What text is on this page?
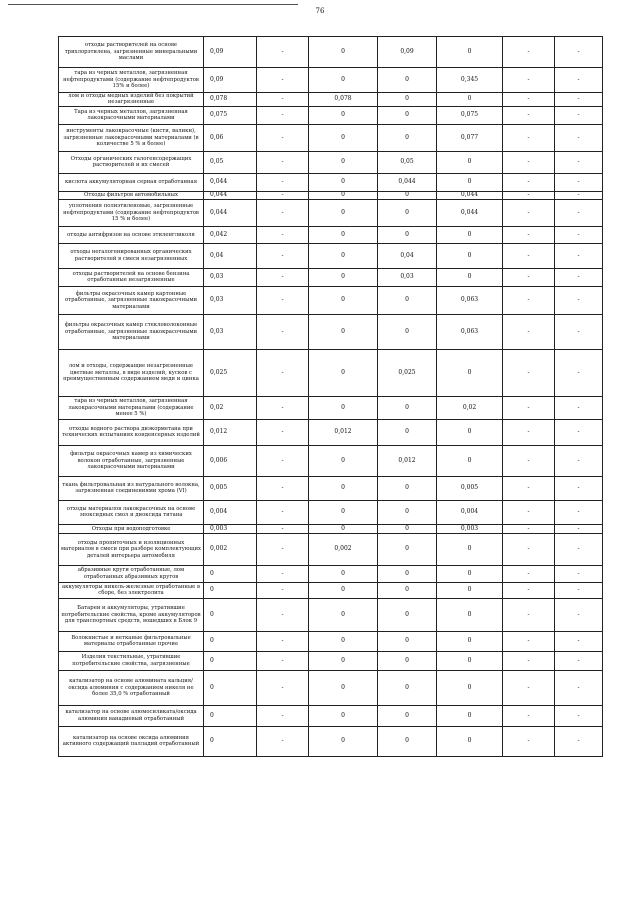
76
отходы растворителей на основе трихлорэтилена, загрязненные минеральными маслами	0,09	-	0	0,09	0	-	-
тара из черных металлов, загрязненная нефтепродуктами (содержание нефтепродуктов 15% и более)	0,09	-	0	0	0,345	-	-
лом и отходы медных изделий без покрытий незагрязненные	0,078	-	0,078	0	0	-	-
Тара из черных металлов, загрязненная лакокрасочными материалами	0,075	-	0	0	0,075	-	-
инструменты лакокрасочные (кисти, валики), загрязненные лакокрасочными материалами (в количестве 5 % и более)	0,06	-	0	0	0,077	-	-
Отходы органических галогенсодержащих растворителей и их смесей	0,05	-	0	0,05	0	-	-
кислота аккумуляторная серная отработанная	0,044	-	0	0,044	0	-	-
Отходы фильтров автомобильных	0,044	-	0	0	0,044	-	-
уплотнения полиэтиленовые, загрязненные нефтепродуктами (содержание нефтепродуктов 15 % и более)	0,044	-	0	0	0,044	-	-
отходы антифризов на основе этиленгликоля	0,042	-	0	0	0	-	-
отходы негалогенированных органических растворителей в смеси незагрязненных	0,04	-	0	0,04	0	-	-
отходы растворителей на основе бензина отработанные незагрязненные	0,03	-	0	0,03	0	-	-
фильтры окрасочных камер картонные отработанные, загрязненные лакокрасочными материалами	0,03	-	0	0	0,063	-	-
фильтры окрасочных камер стекловолоконные отработанные, загрязненные лакокрасочными материалами	0,03	-	0	0	0,063	-	-
лом и отходы, содержащие незагрязненные цветные металлы, в виде изделий, кусков с преимущественным содержанием меди и цинка	0,025	-	0	0,025	0	-	-
тара из черных металлов, загрязненная лакокрасочными материалами (содержание менее 5 %)	0,02	-	0	0	0,02	-	-
отходы водного раствора диэкорметана при технических испытаниях конденсерных изделий	0,012	-	0,012	0	0	-	-
фильтры окрасочных камер из химических волокон отработанные, загрязненные лакокрасочными материалами	0,006	-	0	0,012	0	-	-
ткань фильтровальная из натурального волокна, загрязненная соединениями хрома (VI)	0,005	-	0	0	0,005	-	-
отходы материалов лакокрасочных на основе эпоксидных смол и диоксида титана	0,004	-	0	0	0,004	-	-
Отходы при водоподготовке	0,003	-	0	0	0,003	-	-
отходы пропиточных и изоляционных материалов в смеси при разборе комплектующих деталей интерьера автомобиля	0,002	-	0,002	0	0	-	-
абразивные круги отработанные, лом отработанных абразивных кругов	0	-	0	0	0	-	-
аккумуляторы никель-железные отработанные в сборе, без электролита	0	-	0	0	0	-	-
Батареи и аккумуляторы, утратившие потребительские свойства, кроме аккумуляторов для транспортных средств, вошедших в Блок 9	0	-	0	0	0	-	-
Волокнистые и нетканые фильтровальные материалы отработанные прочие	0	-	0	0	0	-	-
Изделия текстильные, утратившие потребительские свойства, загрязненные	0	-	0	0	0	-	-
катализатор на основе алюмината кальция/оксида алюминия с содержанием никеля не более 35,0 % отработанный	0	-	0	0	0	-	-
катализатор на основе алюмосиликата/оксида алюминия ванадиевый отработанный	0	-	0	0	0	-	-
катализатор на основе оксида алюминия активного содержащий палладий отработанный	0	-	0	0	0	-	-
